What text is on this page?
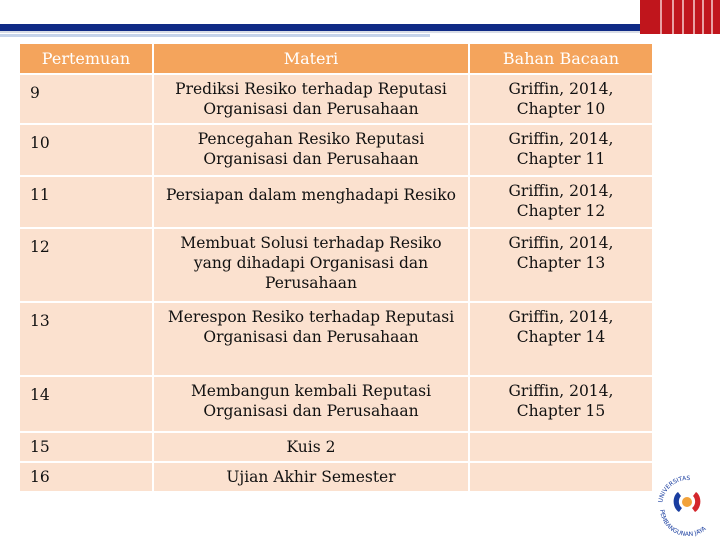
Pertemuan	Materi	Bahan Bacaan
9	Prediksi Resiko terhadap Reputasi Organisasi dan Perusahaan	Griffin, 2014, Chapter 10
10	Pencegahan Resiko Reputasi Organisasi dan Perusahaan	Griffin, 2014, Chapter 11
11	Persiapan dalam menghadapi Resiko	Griffin, 2014, Chapter 12
12	Membuat Solusi terhadap Resiko yang dihadapi Organisasi dan Perusahaan	Griffin, 2014, Chapter 13
13	Merespon Resiko terhadap Reputasi Organisasi dan Perusahaan	Griffin, 2014, Chapter 14
14	Membangun kembali Reputasi Organisasi dan Perusahaan	Griffin, 2014, Chapter 15
15	Kuis 2	
16	Ujian Akhir Semester	
UNIVERSITAS
PEMBANGUNAN JAYA
